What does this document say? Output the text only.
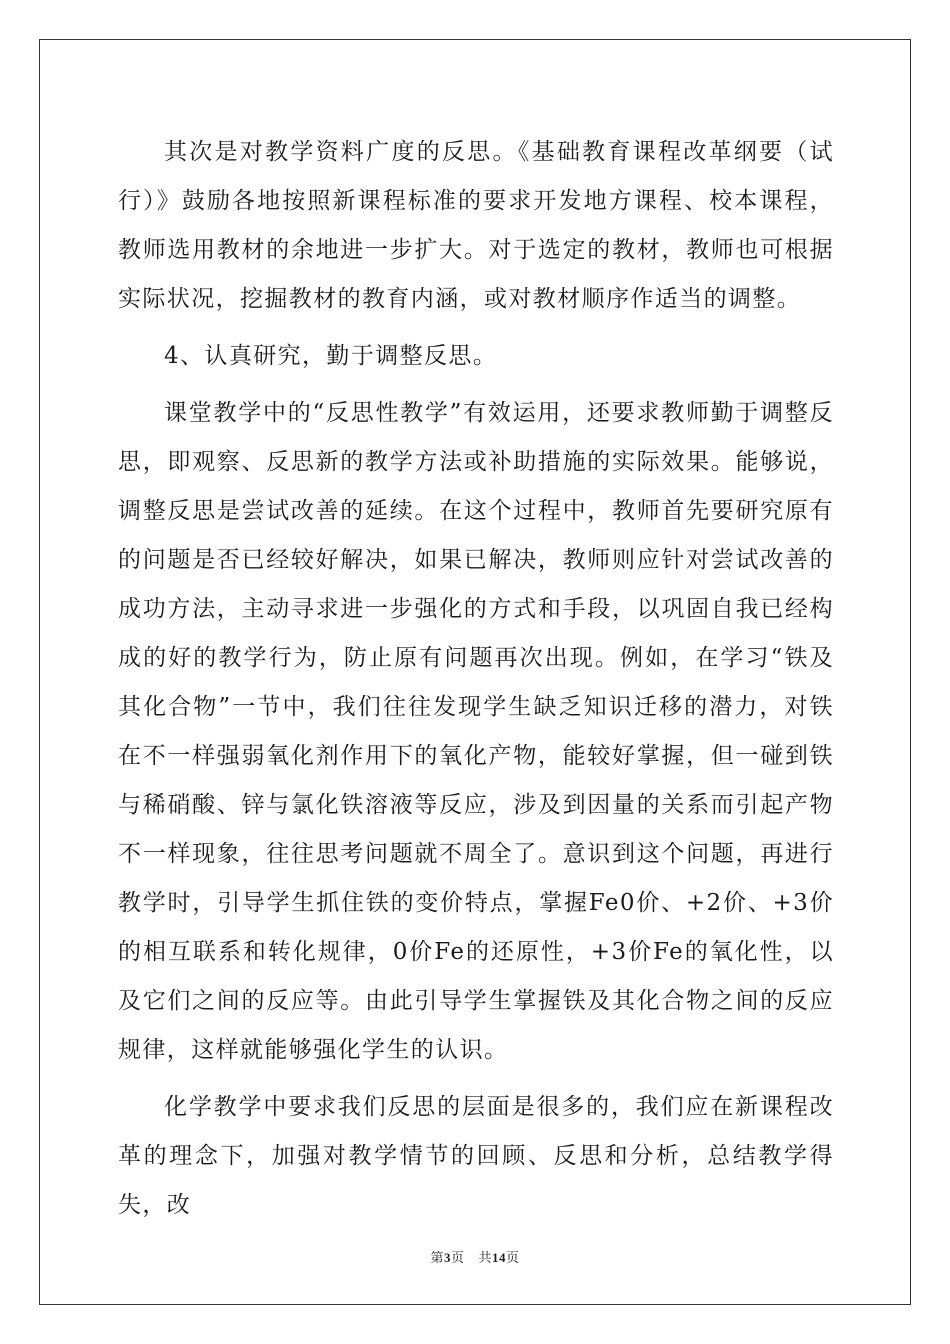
其次是对教学资料广度的反思。《基础教育课程改革纲要（试行）》鼓励各地按照新课程标准的要求开发地方课程、校本课程，教师选用教材的余地进一步扩大。对于选定的教材，教师也可根据实际状况，挖掘教材的教育内涵，或对教材顺序作适当的调整。

4、认真研究，勤于调整反思。

课堂教学中的“反思性教学”有效运用，还要求教师勤于调整反思，即观察、反思新的教学方法或补助措施的实际效果。能够说，调整反思是尝试改善的延续。在这个过程中，教师首先要研究原有的问题是否已经较好解决，如果已解决，教师则应针对尝试改善的成功方法，主动寻求进一步强化的方式和手段，以巩固自我已经构成的好的教学行为，防止原有问题再次出现。例如，在学习“铁及其化合物”一节中，我们往往发现学生缺乏知识迁移的潜力，对铁在不一样强弱氧化剂作用下的氧化产物，能较好掌握，但一碰到铁与稀硝酸、锌与氯化铁溶液等反应，涉及到因量的关系而引起产物不一样现象，往往思考问题就不周全了。意识到这个问题，再进行教学时，引导学生抓住铁的变价特点，掌握Fe0价、+2价、+3价的相互联系和转化规律，0价Fe的还原性，+3价Fe的氧化性，以及它们之间的反应等。由此引导学生掌握铁及其化合物之间的反应规律，这样就能够强化学生的认识。

化学教学中要求我们反思的层面是很多的，我们应在新课程改革的理念下，加强对教学情节的回顾、反思和分析，总结教学得失，改

第3页 共14页
